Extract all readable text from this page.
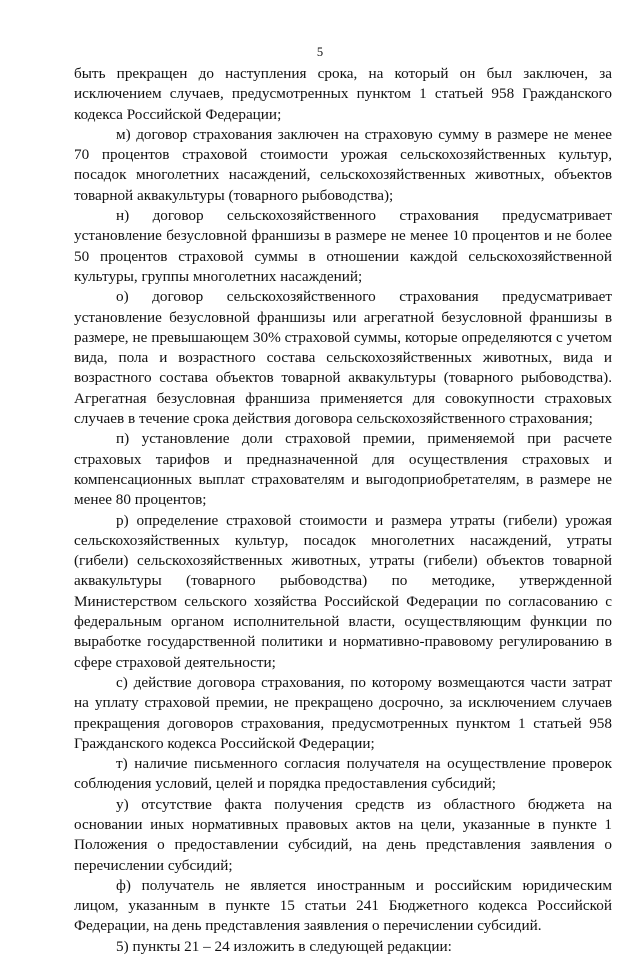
5

быть прекращен до наступления срока, на который он был заключен, за исключением случаев, предусмотренных пунктом 1 статьей 958 Гражданского кодекса Российской Федерации;

м) договор страхования заключен на страховую сумму в размере не менее 70 процентов страховой стоимости урожая сельскохозяйственных культур, посадок многолетних насаждений, сельскохозяйственных животных, объектов товарной аквакультуры (товарного рыбоводства);

н) договор сельскохозяйственного страхования предусматривает установление безусловной франшизы в размере не менее 10 процентов и не более 50 процентов страховой суммы в отношении каждой сельскохозяйственной культуры, группы многолетних насаждений;

о) договор сельскохозяйственного страхования предусматривает установление безусловной франшизы или агрегатной безусловной франшизы в размере, не превышающем 30% страховой суммы, которые определяются с учетом вида, пола и возрастного состава сельскохозяйственных животных, вида и возрастного состава объектов товарной аквакультуры (товарного рыбоводства). Агрегатная безусловная франшиза применяется для совокупности страховых случаев в течение срока действия договора сельскохозяйственного страхования;

п) установление доли страховой премии, применяемой при расчете страховых тарифов и предназначенной для осуществления страховых и компенсационных выплат страхователям и выгодоприобретателям, в размере не менее 80 процентов;

р) определение страховой стоимости и размера утраты (гибели) урожая сельскохозяйственных культур, посадок многолетних насаждений, утраты (гибели) сельскохозяйственных животных, утраты (гибели) объектов товарной аквакультуры (товарного рыбоводства) по методике, утвержденной Министерством сельского хозяйства Российской Федерации по согласованию с федеральным органом исполнительной власти, осуществляющим функции по выработке государственной политики и нормативно-правовому регулированию в сфере страховой деятельности;

с) действие договора страхования, по которому возмещаются части затрат на уплату страховой премии, не прекращено досрочно, за исключением случаев прекращения договоров страхования, предусмотренных пунктом 1 статьей 958 Гражданского кодекса Российской Федерации;

т) наличие письменного согласия получателя на осуществление проверок соблюдения условий, целей и порядка предоставления субсидий;

у) отсутствие факта получения средств из областного бюджета на основании иных нормативных правовых актов на цели, указанные в пункте 1 Положения о предоставлении субсидий, на день представления заявления о перечислении субсидий;

ф) получатель не является иностранным и российским юридическим лицом, указанным в пункте 15 статьи 241 Бюджетного кодекса Российской Федерации, на день представления заявления о перечислении субсидий.

5) пункты 21 – 24 изложить в следующей редакции:
